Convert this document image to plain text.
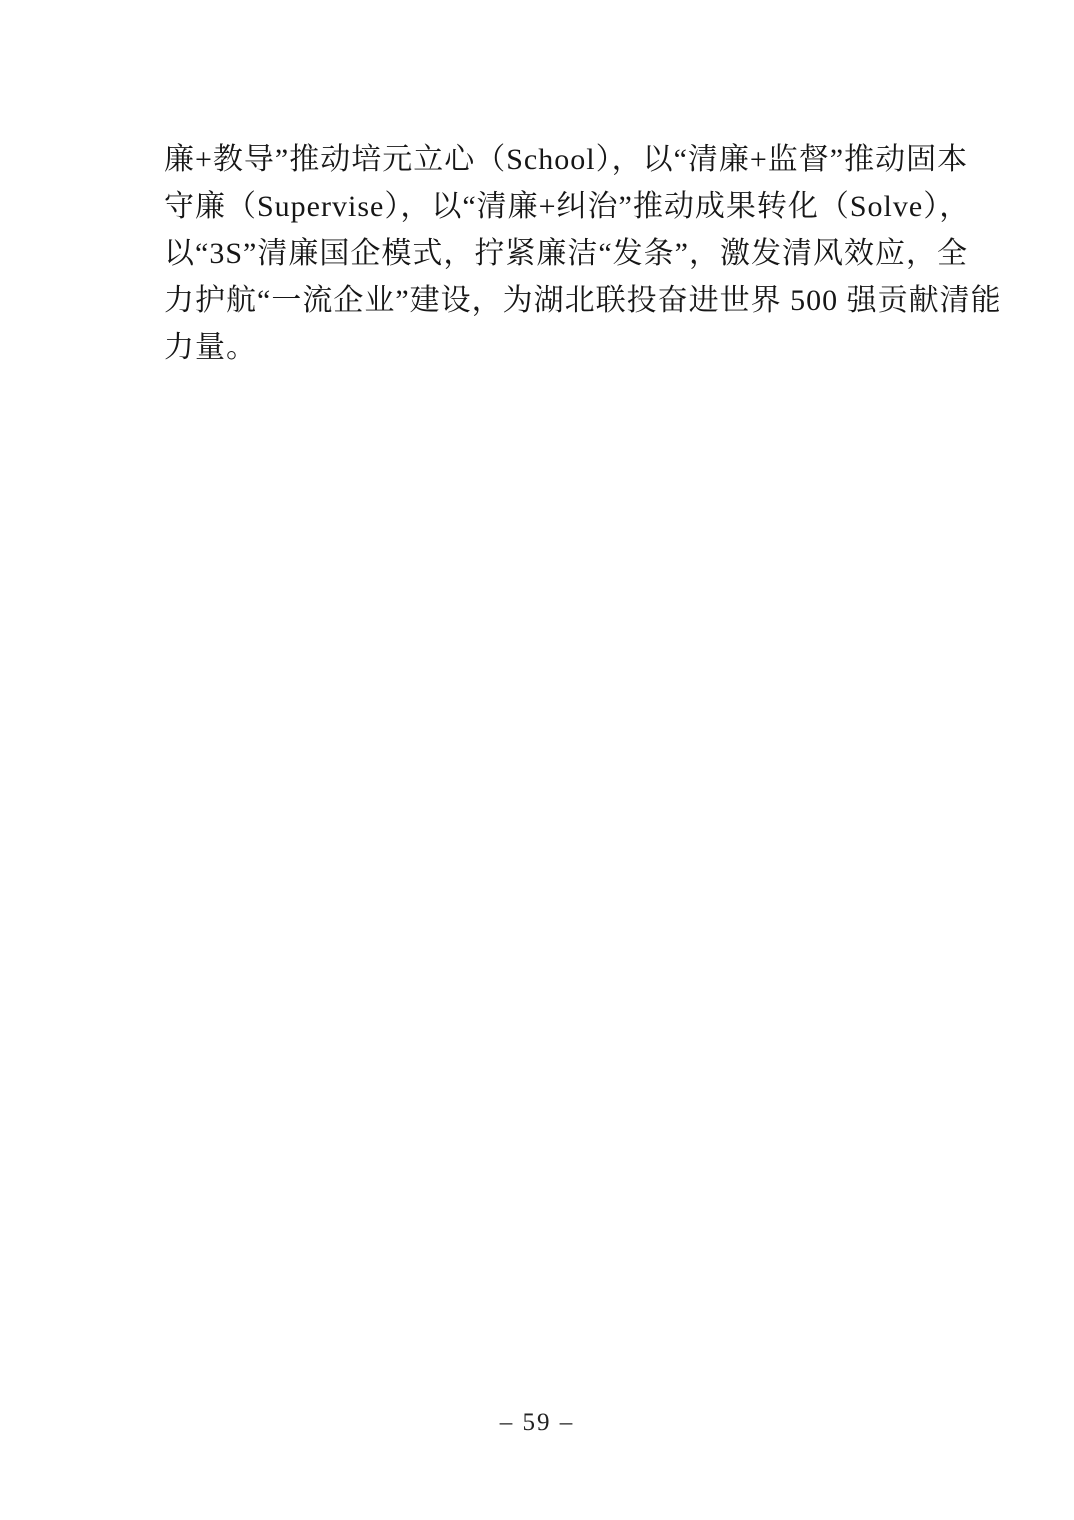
廉+教导”推动培元立心（School），以“清廉+监督”推动固本
守廉（Supervise），以“清廉+纠治”推动成果转化（Solve），
以“3S”清廉国企模式，拧紧廉洁“发条”，激发清风效应，全
力护航“一流企业”建设，为湖北联投奋进世界 500 强贡献清能
力量。
– 59 –
